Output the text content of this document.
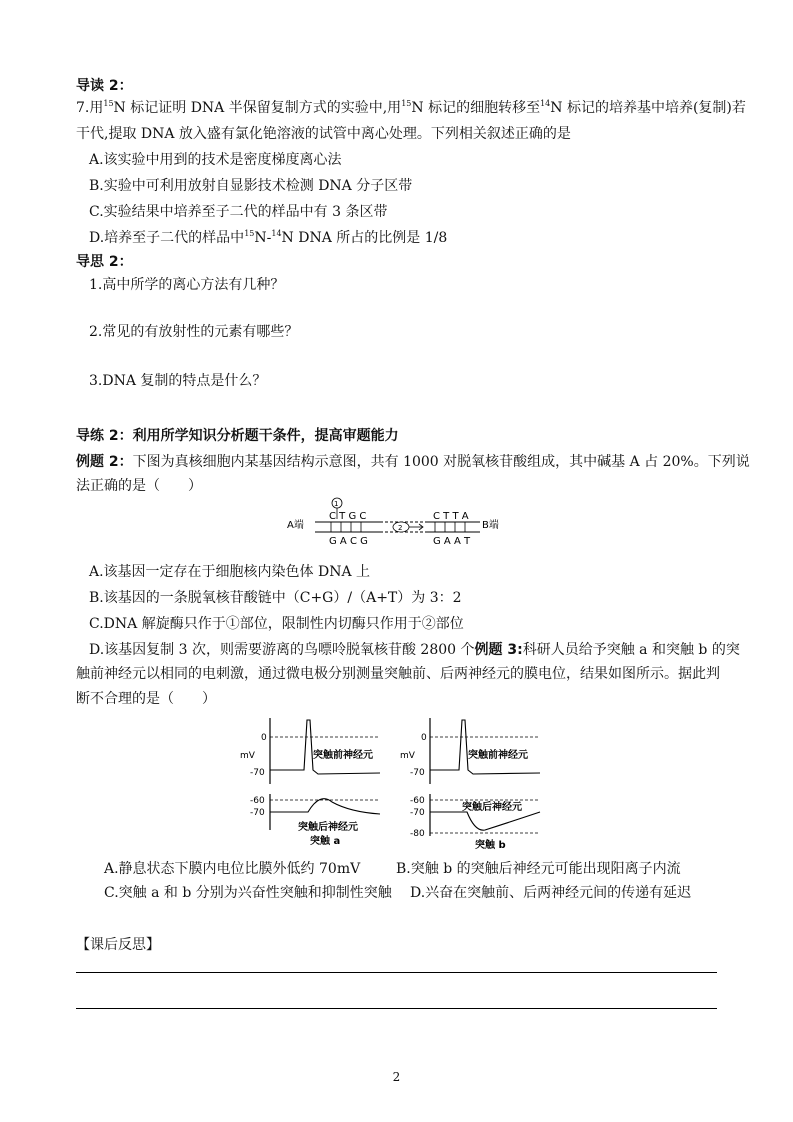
导读 2：
7.用$^{15}$N 标记证明 DNA 半保留复制方式的实验中,用$^{15}$N 标记的细胞转移至$^{14}$N 标记的培养基中培养(复制)若
干代,提取 DNA 放入盛有氯化铯溶液的试管中离心处理。下列相关叙述正确的是
A.该实验中用到的技术是密度梯度离心法
B.实验中可利用放射自显影技术检测 DNA 分子区带
C.实验结果中培养至子二代的样品中有 3 条区带
D.培养至子二代的样品中$^{15}$N-$^{14}$N DNA 所占的比例是 1/8
导思 2：
1.高中所学的离心方法有几种？
2.常见的有放射性的元素有哪些？
3.DNA 复制的特点是什么？
导练 2：利用所学知识分析题干条件，提高审题能力
例题 2：下图为真核细胞内某基因结构示意图，共有 1000 对脱氧核苷酸组成，其中碱基 A 占 20%。下列说
法正确的是（　　）
A端	B端
1
C T G C	C T T A
2
G A C G	G A A T
A.该基因一定存在于细胞核内染色体 DNA 上
B.该基因的一条脱氧核苷酸链中（C+G）/（A+T）为 3：2
C.DNA 解旋酶只作于①部位，限制性内切酶只作用于②部位
D.该基因复制 3 次，则需要游离的鸟嘌呤脱氧核苷酸 2800 个例题 3:科研人员给予突触 a 和突触 b 的突
触前神经元以相同的电刺激，通过微电极分别测量突触前、后两神经元的膜电位，结果如图所示。据此判
断不合理的是（　　）
0
mV
-70
突触前神经元
-60
-70
突触后神经元
突触 a
0
mV
-70
突触前神经元
-60
-70
-80
突触后神经元
突触 b
A.静息状态下膜内电位比膜外低约 70mV	B.突触 b 的突触后神经元可能出现阳离子内流
C.突触 a 和 b 分别为兴奋性突触和抑制性突触 D.兴奋在突触前、后两神经元间的传递有延迟
【课后反思】
2
